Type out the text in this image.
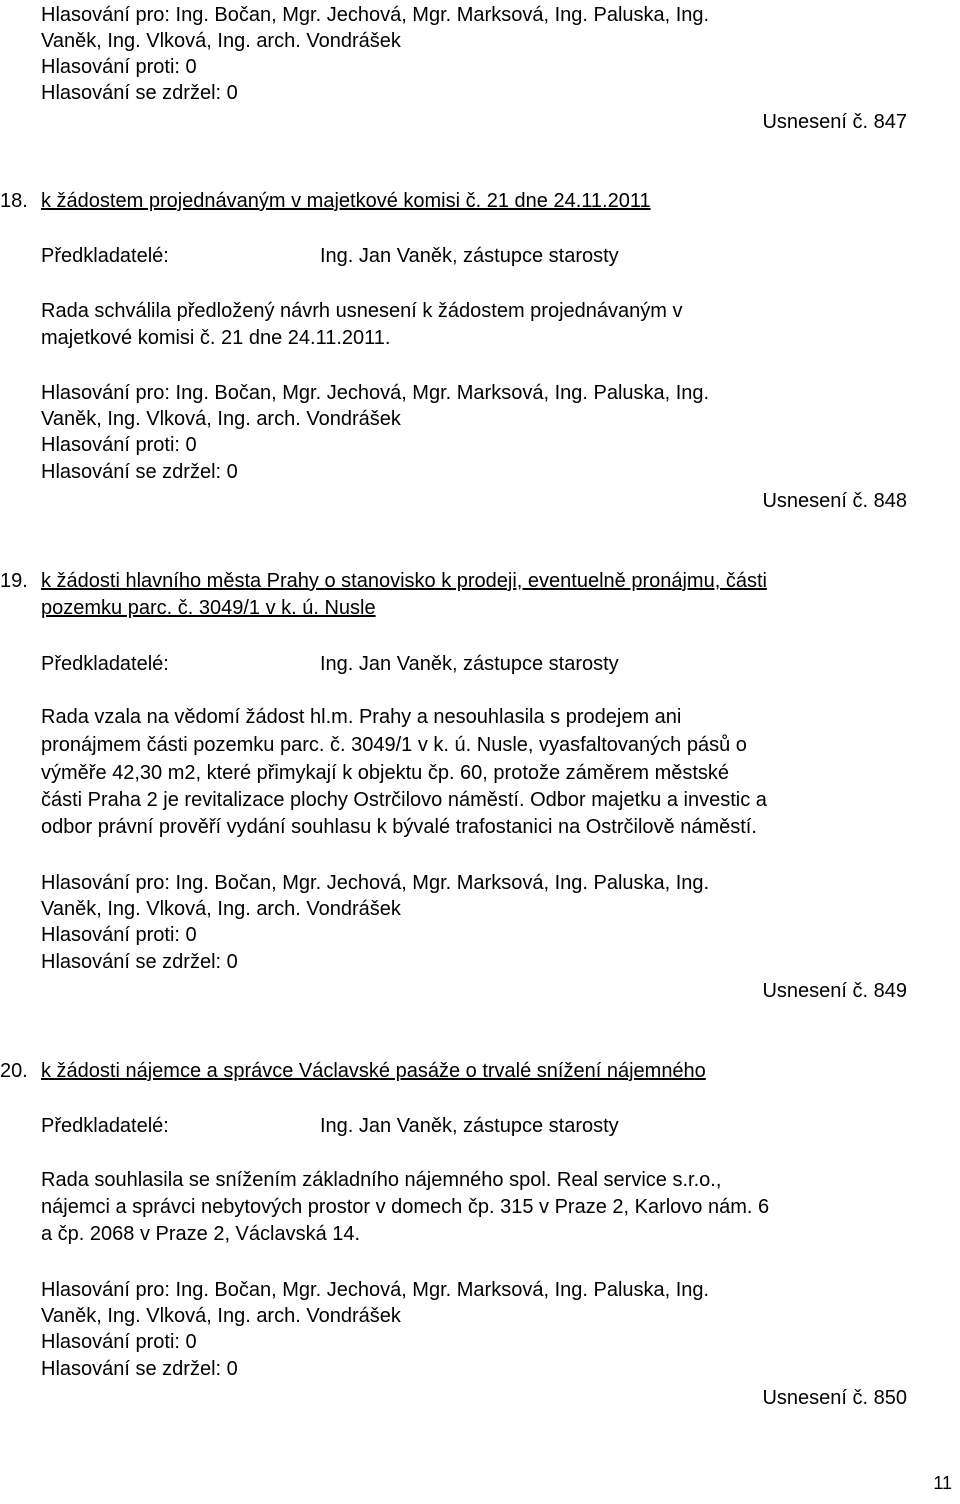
Hlasování pro: Ing. Bočan, Mgr. Jechová, Mgr. Marksová, Ing. Paluska, Ing.
Vaněk, Ing. Vlková, Ing. arch. Vondrášek
Hlasování proti: 0
Hlasování se zdržel: 0
Usnesení č. 847
18. k žádostem projednávaným v majetkové komisi č. 21 dne 24.11.2011
Předkladatelé:	Ing. Jan Vaněk, zástupce starosty
Rada schválila předložený návrh usnesení k žádostem projednávaným v
majetkové komisi č. 21 dne 24.11.2011.
Hlasování pro: Ing. Bočan, Mgr. Jechová, Mgr. Marksová, Ing. Paluska, Ing.
Vaněk, Ing. Vlková, Ing. arch. Vondrášek
Hlasování proti: 0
Hlasování se zdržel: 0
Usnesení č. 848
19. k žádosti hlavního města Prahy o stanovisko k prodeji, eventuelně pronájmu, části
pozemku parc. č. 3049/1 v k. ú. Nusle
Předkladatelé:	Ing. Jan Vaněk, zástupce starosty
Rada vzala na vědomí žádost hl.m. Prahy a nesouhlasila s prodejem ani
pronájmem části pozemku parc. č. 3049/1 v k. ú. Nusle, vyasfaltovaných pásů o
výměře 42,30 m2, které přimykají k objektu čp. 60, protože záměrem městské
části Praha 2 je revitalizace plochy Ostrčilovo náměstí. Odbor majetku a investic a
odbor právní prověří vydání souhlasu k bývalé trafostanici na Ostrčilově náměstí.
Hlasování pro: Ing. Bočan, Mgr. Jechová, Mgr. Marksová, Ing. Paluska, Ing.
Vaněk, Ing. Vlková, Ing. arch. Vondrášek
Hlasování proti: 0
Hlasování se zdržel: 0
Usnesení č. 849
20. k žádosti nájemce a správce Václavské pasáže o trvalé snížení nájemného
Předkladatelé:	Ing. Jan Vaněk, zástupce starosty
Rada souhlasila se snížením základního nájemného spol. Real service s.r.o.,
nájemci a správci nebytových prostor v domech čp. 315 v Praze 2, Karlovo nám. 6
a čp. 2068 v Praze 2, Václavská 14.
Hlasování pro: Ing. Bočan, Mgr. Jechová, Mgr. Marksová, Ing. Paluska, Ing.
Vaněk, Ing. Vlková, Ing. arch. Vondrášek
Hlasování proti: 0
Hlasování se zdržel: 0
Usnesení č. 850
11
